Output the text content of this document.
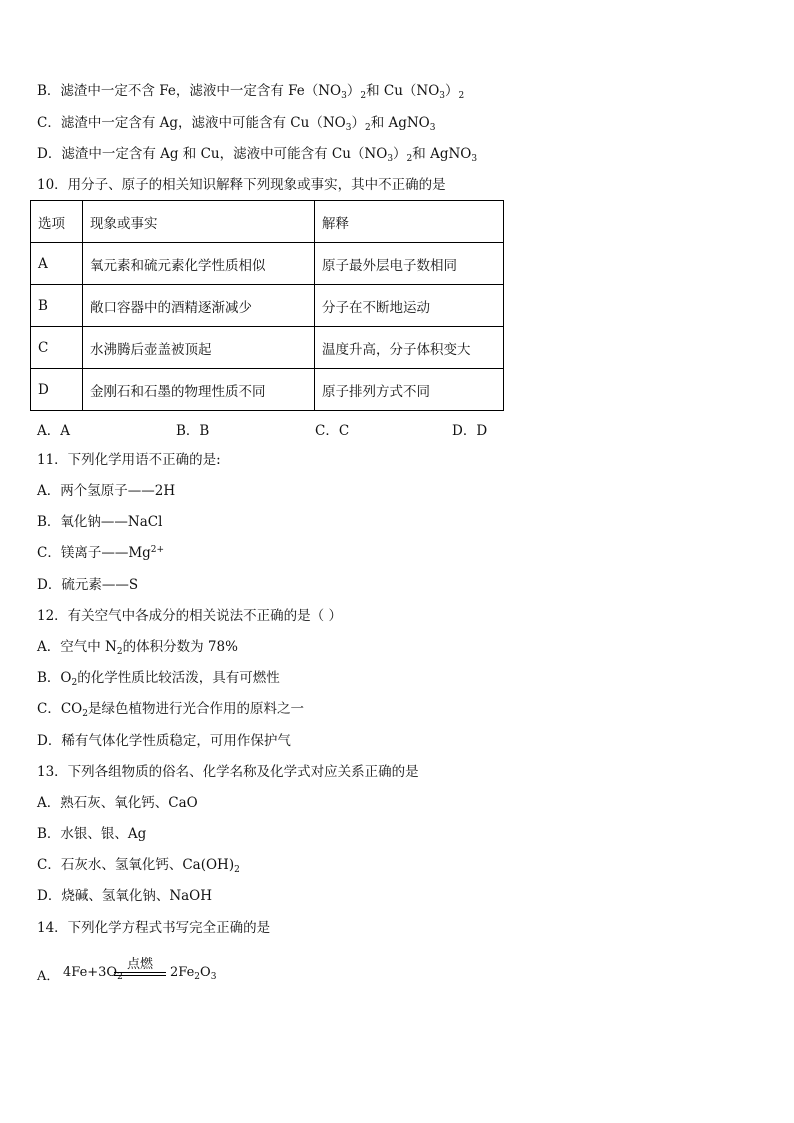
B．滤渣中一定不含 Fe，滤液中一定含有 $Fe(NO_3)_2$和 $Cu(NO_3)_2$
C．滤渣中一定含有 Ag，滤液中可能含有 $Cu(NO_3)_2$和 AgNO$_3$
D．滤渣中一定含有 Ag 和 Cu，滤液中可能含有 $Cu(NO_3)_2$和 AgNO$_3$
10．用分子、原子的相关知识解释下列现象或事实，其中不正确的是
选项	现象或事实	解释
A	氧元素和硫元素化学性质相似	原子最外层电子数相同
B	敞口容器中的酒精逐渐减少	分子在不断地运动
C	水沸腾后壶盖被顶起	温度升高，分子体积变大
D	金刚石和石墨的物理性质不同	原子排列方式不同
A．A	B．B	C．C	D．D
11．下列化学用语不正确的是:
A．两个氢原子——2H
B．氧化钠——NaCl
C．镁离子$——Mg^{2+}$
D．硫元素——S
12．有关空气中各成分的相关说法不正确的是（ ）
A．空气中 $N_2$的体积分数为 78%
B．$O_2$的化学性质比较活泼，具有可燃性
C．$CO_2$是绿色植物进行光合作用的原料之一
D．稀有气体化学性质稳定，可用作保护气
13．下列各组物质的俗名、化学名称及化学式对应关系正确的是
A．熟石灰、氧化钙、CaO
B．水银、银、Ag
C．石灰水、氢氧化钙、$Ca(OH)_2$
D．烧碱、氢氧化钠、NaOH
14．下列化学方程式书写完全正确的是
A． $4Fe+3O_2$
点燃
$2Fe_2O_3$
